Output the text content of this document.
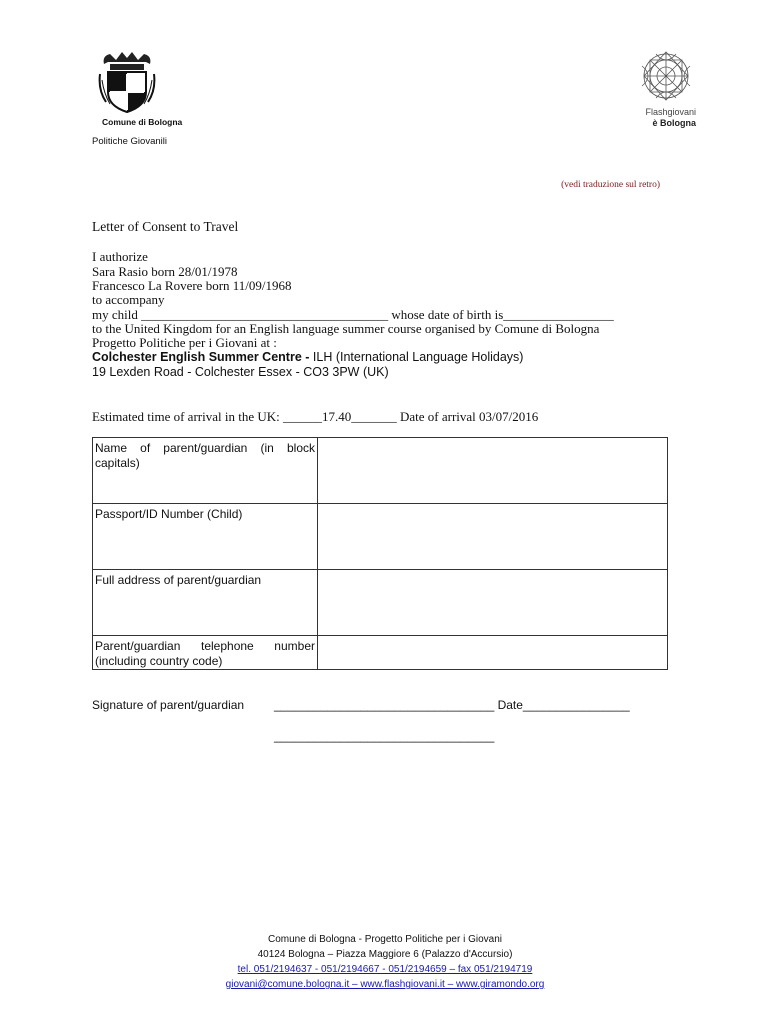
Comune di Bologna
Politiche Giovanili
Flashgiovani
è Bologna
(vedi traduzione sul retro)
Letter of Consent to Travel
I authorize
Sara Rasio born 28/01/1978
Francesco La Rovere born 11/09/1968
to accompany
my child ______________________________________ whose date of birth is_________________
to the United Kingdom for an English language summer course organised by Comune di Bologna
Progetto Politiche per i Giovani at :
Colchester English Summer Centre - ILH (International Language Holidays)
19 Lexden Road - Colchester Essex - CO3 3PW (UK)
Estimated time of arrival in the UK: ______17.40_______ Date of arrival 03/07/2016
Name of parent/guardian (in block capitals)	
Passport/ID Number (Child)	
Full address of parent/guardian	
Parent/guardian telephone number (including country code)	
Signature of parent/guardian _________________________________ Date________________
_________________________________
Comune di Bologna - Progetto Politiche per i Giovani
40124 Bologna – Piazza Maggiore 6 (Palazzo d'Accursio)
tel. 051/2194637 - 051/2194667 - 051/2194659 – fax 051/2194719
giovani@comune.bologna.it – www.flashgiovani.it – www.giramondo.org
